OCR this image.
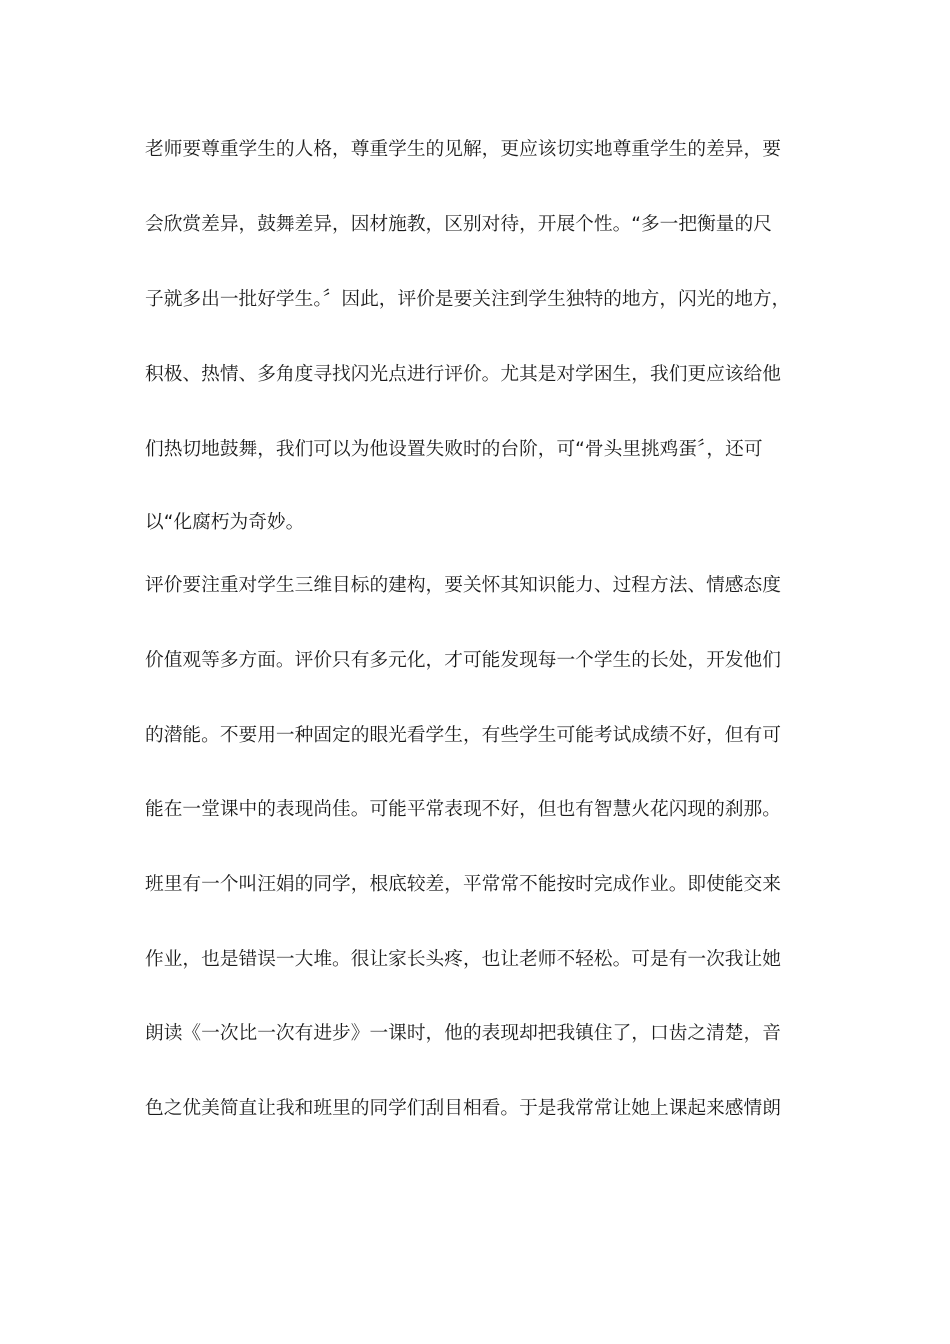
老师要尊重学生的人格，尊重学生的见解，更应该切实地尊重学生的差异，要
会欣赏差异，鼓舞差异，因材施教，区别对待，开展个性。“多一把衡量的尺
子就多出一批好学生。〞因此，评价是要关注到学生独特的地方，闪光的地方，
积极、热情、多角度寻找闪光点进行评价。尤其是对学困生，我们更应该给他
们热切地鼓舞，我们可以为他设置失败时的台阶，可“骨头里挑鸡蛋〞，还可
以“化腐朽为奇妙。
评价要注重对学生三维目标的建构，要关怀其知识能力、过程方法、情感态度
价值观等多方面。评价只有多元化，才可能发现每一个学生的长处，开发他们
的潜能。不要用一种固定的眼光看学生，有些学生可能考试成绩不好，但有可
能在一堂课中的表现尚佳。可能平常表现不好，但也有智慧火花闪现的刹那。
班里有一个叫汪娟的同学，根底较差，平常常不能按时完成作业。即使能交来
作业，也是错误一大堆。很让家长头疼，也让老师不轻松。可是有一次我让她
朗读《一次比一次有进步》一课时，他的表现却把我镇住了，口齿之清楚，音
色之优美简直让我和班里的同学们刮目相看。于是我常常让她上课起来感情朗
